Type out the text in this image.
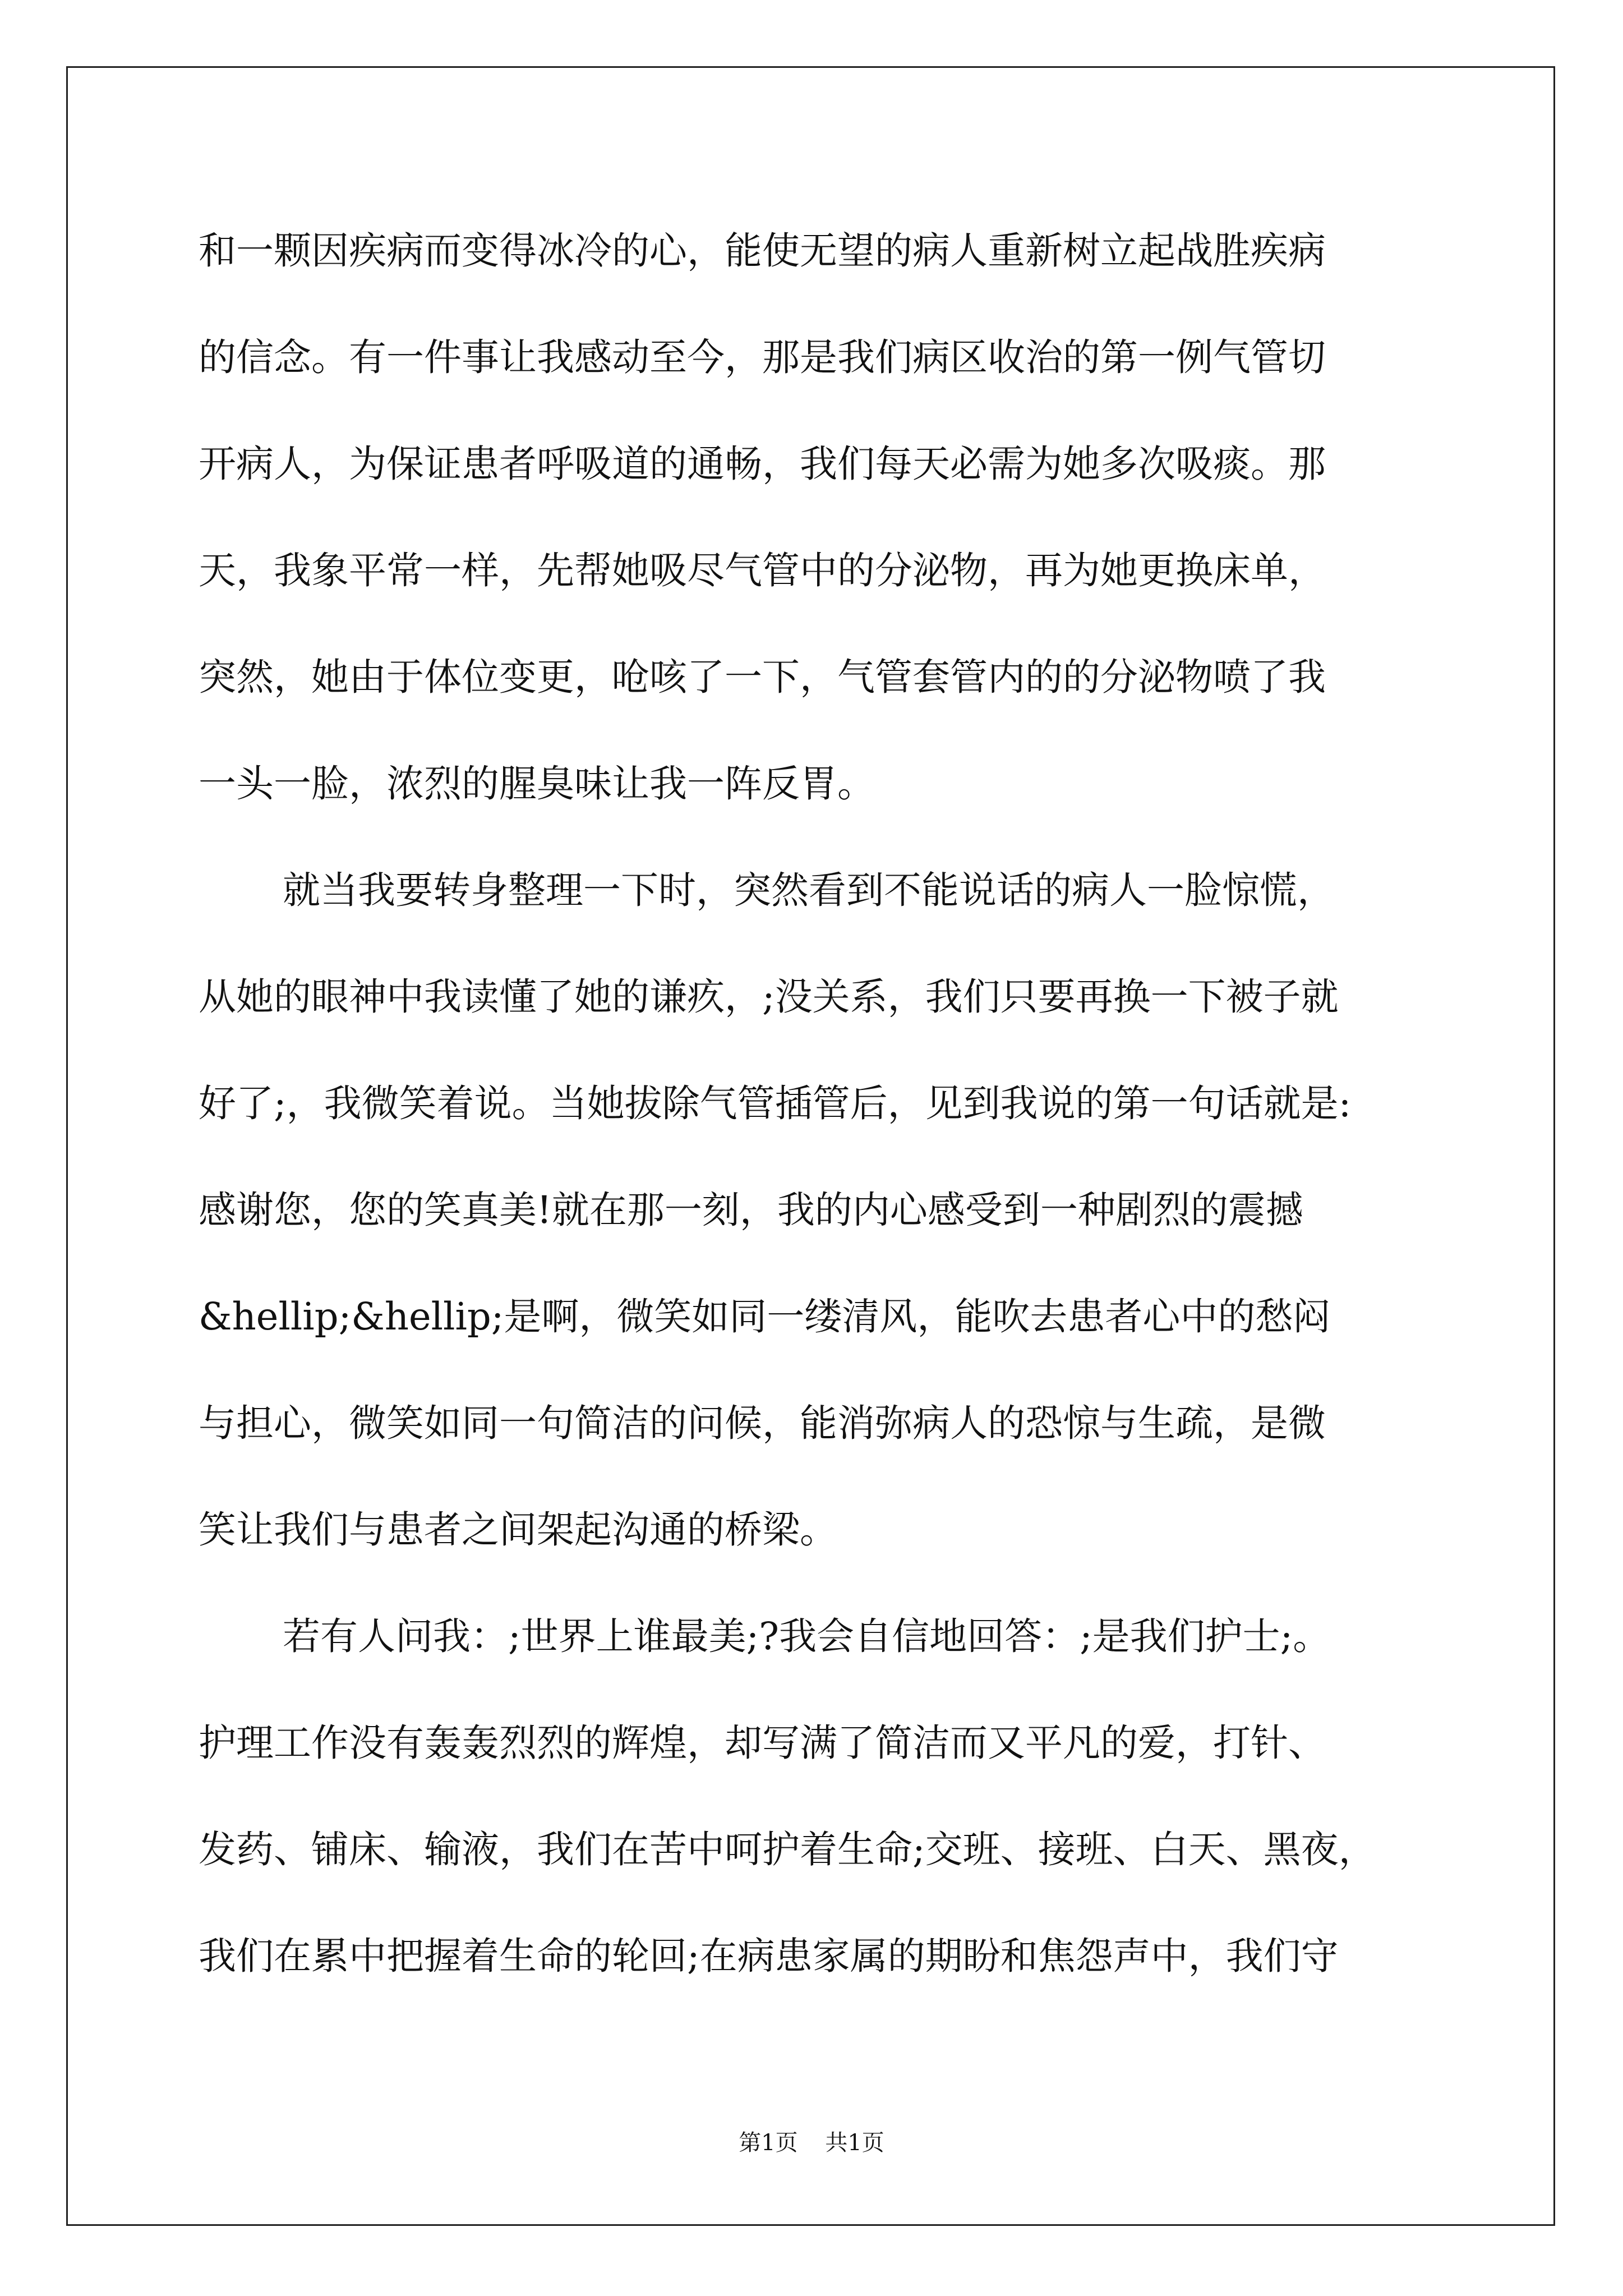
和一颗因疾病而变得冰冷的心，能使无望的病人重新树立起战胜疾病
的信念。有一件事让我感动至今，那是我们病区收治的第一例气管切
开病人，为保证患者呼吸道的通畅，我们每天必需为她多次吸痰。那
天，我象平常一样，先帮她吸尽气管中的分泌物，再为她更换床单，
突然，她由于体位变更，呛咳了一下，气管套管内的的分泌物喷了我
一头一脸，浓烈的腥臭味让我一阵反胃。
就当我要转身整理一下时，突然看到不能说话的病人一脸惊慌，
从她的眼神中我读懂了她的谦疚，;没关系，我们只要再换一下被子就
好了;，我微笑着说。当她拔除气管插管后，见到我说的第一句话就是:
感谢您，您的笑真美!就在那一刻，我的内心感受到一种剧烈的震撼
&hellip;&hellip;是啊，微笑如同一缕清风，能吹去患者心中的愁闷
与担心，微笑如同一句简洁的问候，能消弥病人的恐惊与生疏，是微
笑让我们与患者之间架起沟通的桥梁。
若有人问我：;世界上谁最美;?我会自信地回答：;是我们护士;。
护理工作没有轰轰烈烈的辉煌，却写满了简洁而又平凡的爱，打针、
发药、铺床、输液，我们在苦中呵护着生命;交班、接班、白天、黑夜，
我们在累中把握着生命的轮回;在病患家属的期盼和焦怨声中，我们守
第1页 共1页
